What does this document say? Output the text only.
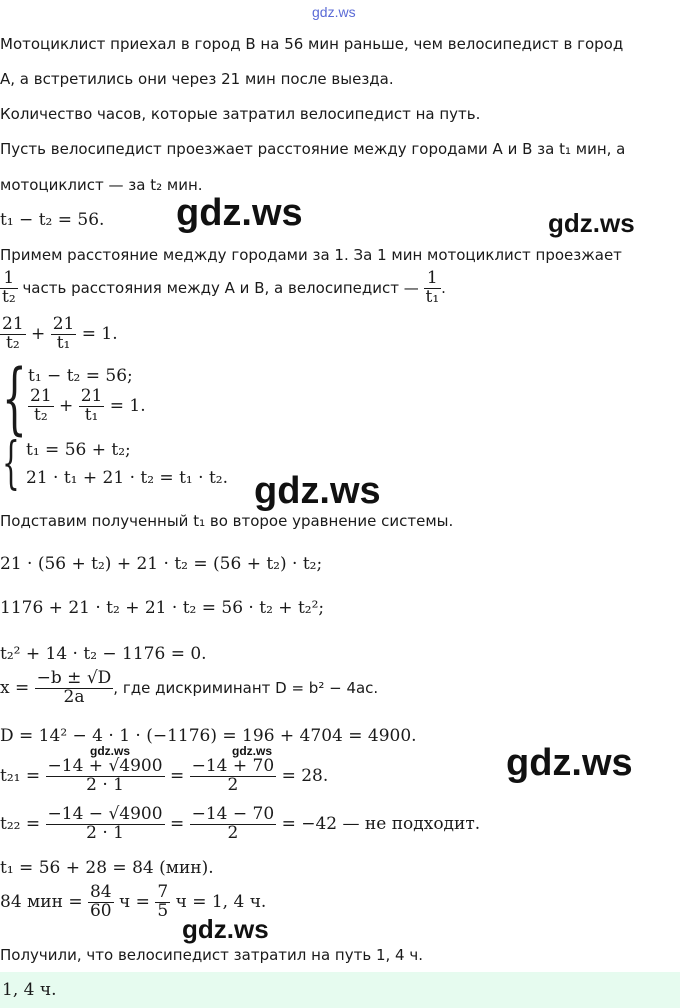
gdz.ws
gdz.ws	gdz.ws
gdz.ws
gdz.ws
gdz.ws	gdz.ws
gdz.ws
Мотоциклист приехал в город B на 56 мин раньше, чем велосипедист в город
A, а встретились они через 21 мин после выезда.
Количество часов, которые затратил велосипедист на путь.
Пусть велосипедист проезжает расстояние между городами A и B за t₁ мин, а
мотоциклист — за t₂ мин.
t₁ − t₂ = 56.
Примем расстояние меджду городами за 1. За 1 мин мотоциклист проезжает
$\frac{1}{\text{t₂}}$ часть расстояния между A и B, а велосипедист — $\frac{1}{\text{t₁}}$ .
$\frac{21}{\text{t₂}} + \frac{21}{\text{t₁}} = 1$.
{ t₁ − t₂ = 56;
$\frac{21}{\text{t₂}} + \frac{21}{\text{t₁}} = 1$.
{ t₁ = 56 + t₂;
21 · t₁ + 21 · t₂ = t₁ · t₂.
Подставим полученный t₁ во второе уравнение системы.
21 · (56 + t₂) + 21 · t₂ = (56 + t₂) · t₂;
1176 + 21 · t₂ + 21 · t₂ = 56 · t₂ + t₂²;
t₂² + 14 · t₂ − 1176 = 0.
$x = \frac{-b \pm √D}{2a}$ , где дискриминант D = b² − 4ac.
D = 14² − 4 · 1 · (−1176) = 196 + 4704 = 4900.
$t_{21} = \frac{-14 + √4900}{2 \cdot 1} = \frac{-14 + 70}{2} = 28$.
$t_{22} = \frac{-14 - √4900}{2 \cdot 1} = \frac{-14 - 70}{2} = -42$ — не подходит.
t₁ = 56 + 28 = 84 (мин).
84 мин = $\frac{84}{60}$ $ч = \frac{7}{5}$ ч = 1, 4 ч.
Получили, что велосипедист затратил на путь 1, 4 ч.
1, 4 ч.
